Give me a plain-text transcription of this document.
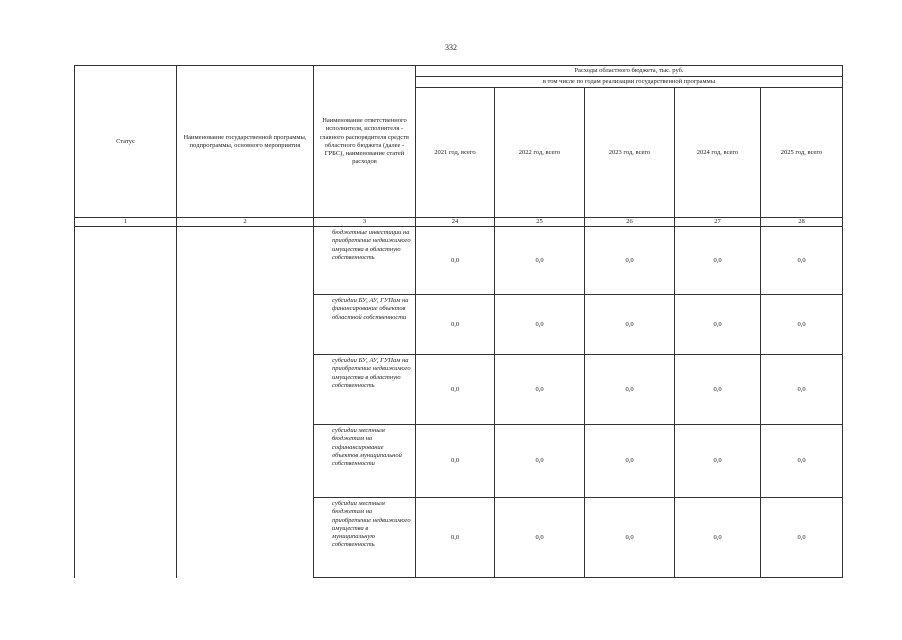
332
Статус	Наименование государственной программы, подпрограммы, основного мероприятия	Наименование ответственного исполнителя, исполнителя - главного распорядителя средств областного бюджета (далее - ГРБС), наименование статей расходов	Расходы областного бюджета, тыс. руб.				
			в том числе по годам реализации государственной программы				
			2021 год, всего	2022 год, всего	2023 год, всего	2024 год, всего	2025 год, всего
1	2	3	24	25	26	27	28
		бюджетные инвестиции на приобретение недвижимого имущества в областную собственность	0,0	0,0	0,0	0,0	0,0
		субсидии БУ, АУ, ГУПам на финансирование объектов областной собственности	0,0	0,0	0,0	0,0	0,0
		субсидии БУ, АУ, ГУПам на приобретение недвижимого имущества в областную собственность	0,0	0,0	0,0	0,0	0,0
		субсидии местным бюджетам на софинансирование объектов муниципальной собственности	0,0	0,0	0,0	0,0	0,0
		субсидии местным бюджетам на приобретение недвижимого имущества в муниципальную собственность	0,0	0,0	0,0	0,0	0,0
